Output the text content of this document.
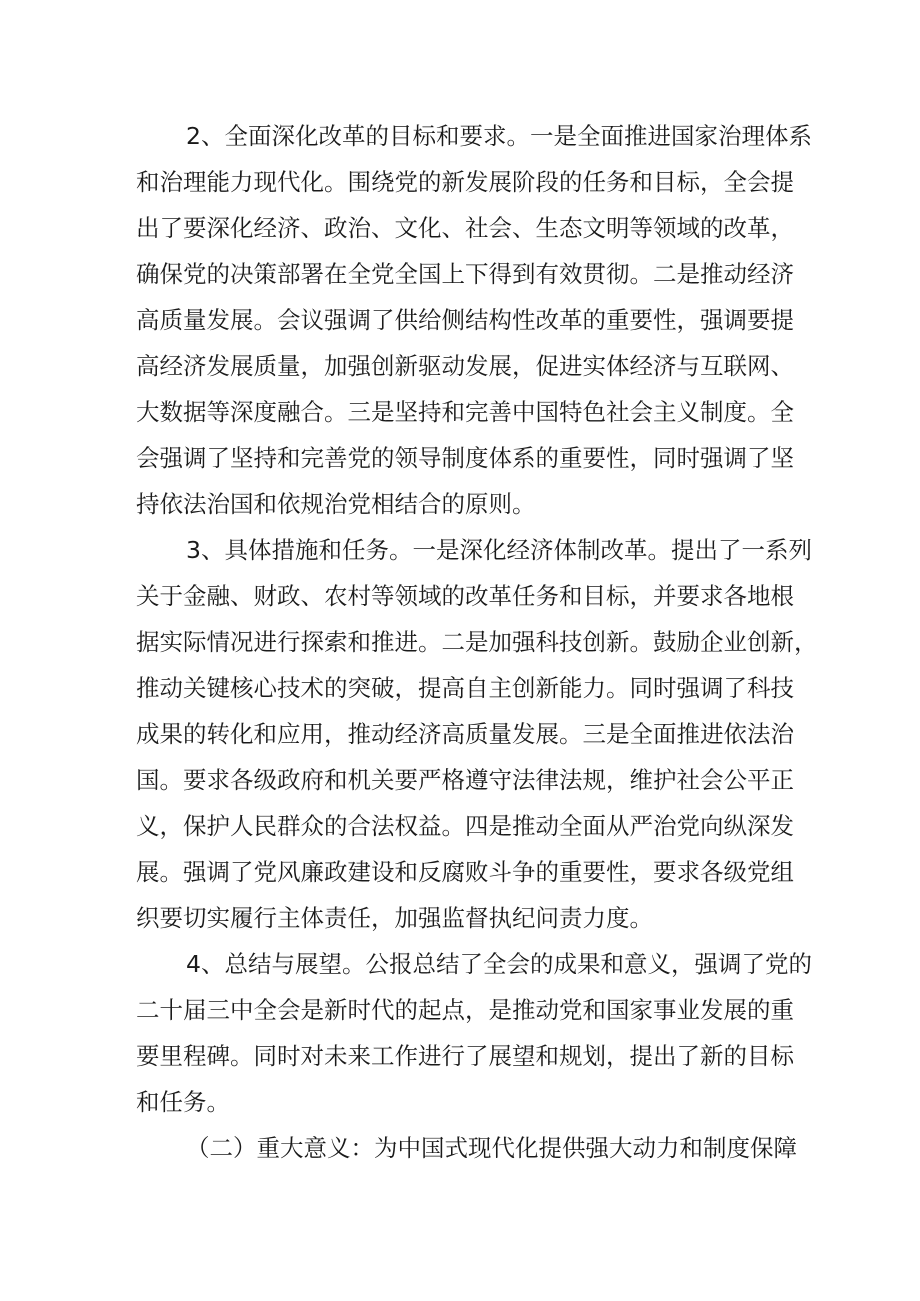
2、全面深化改革的目标和要求。一是全面推进国家治理体系
和治理能力现代化。围绕党的新发展阶段的任务和目标，全会提
出了要深化经济、政治、文化、社会、生态文明等领域的改革，
确保党的决策部署在全党全国上下得到有效贯彻。二是推动经济
高质量发展。会议强调了供给侧结构性改革的重要性，强调要提
高经济发展质量，加强创新驱动发展，促进实体经济与互联网、
大数据等深度融合。三是坚持和完善中国特色社会主义制度。全
会强调了坚持和完善党的领导制度体系的重要性，同时强调了坚
持依法治国和依规治党相结合的原则。
3、具体措施和任务。一是深化经济体制改革。提出了一系列
关于金融、财政、农村等领域的改革任务和目标，并要求各地根
据实际情况进行探索和推进。二是加强科技创新。鼓励企业创新，
推动关键核心技术的突破，提高自主创新能力。同时强调了科技
成果的转化和应用，推动经济高质量发展。三是全面推进依法治
国。要求各级政府和机关要严格遵守法律法规，维护社会公平正
义，保护人民群众的合法权益。四是推动全面从严治党向纵深发
展。强调了党风廉政建设和反腐败斗争的重要性，要求各级党组
织要切实履行主体责任，加强监督执纪问责力度。
4、总结与展望。公报总结了全会的成果和意义，强调了党的
二十届三中全会是新时代的起点，是推动党和国家事业发展的重
要里程碑。同时对未来工作进行了展望和规划，提出了新的目标
和任务。
（二）重大意义：为中国式现代化提供强大动力和制度保障
